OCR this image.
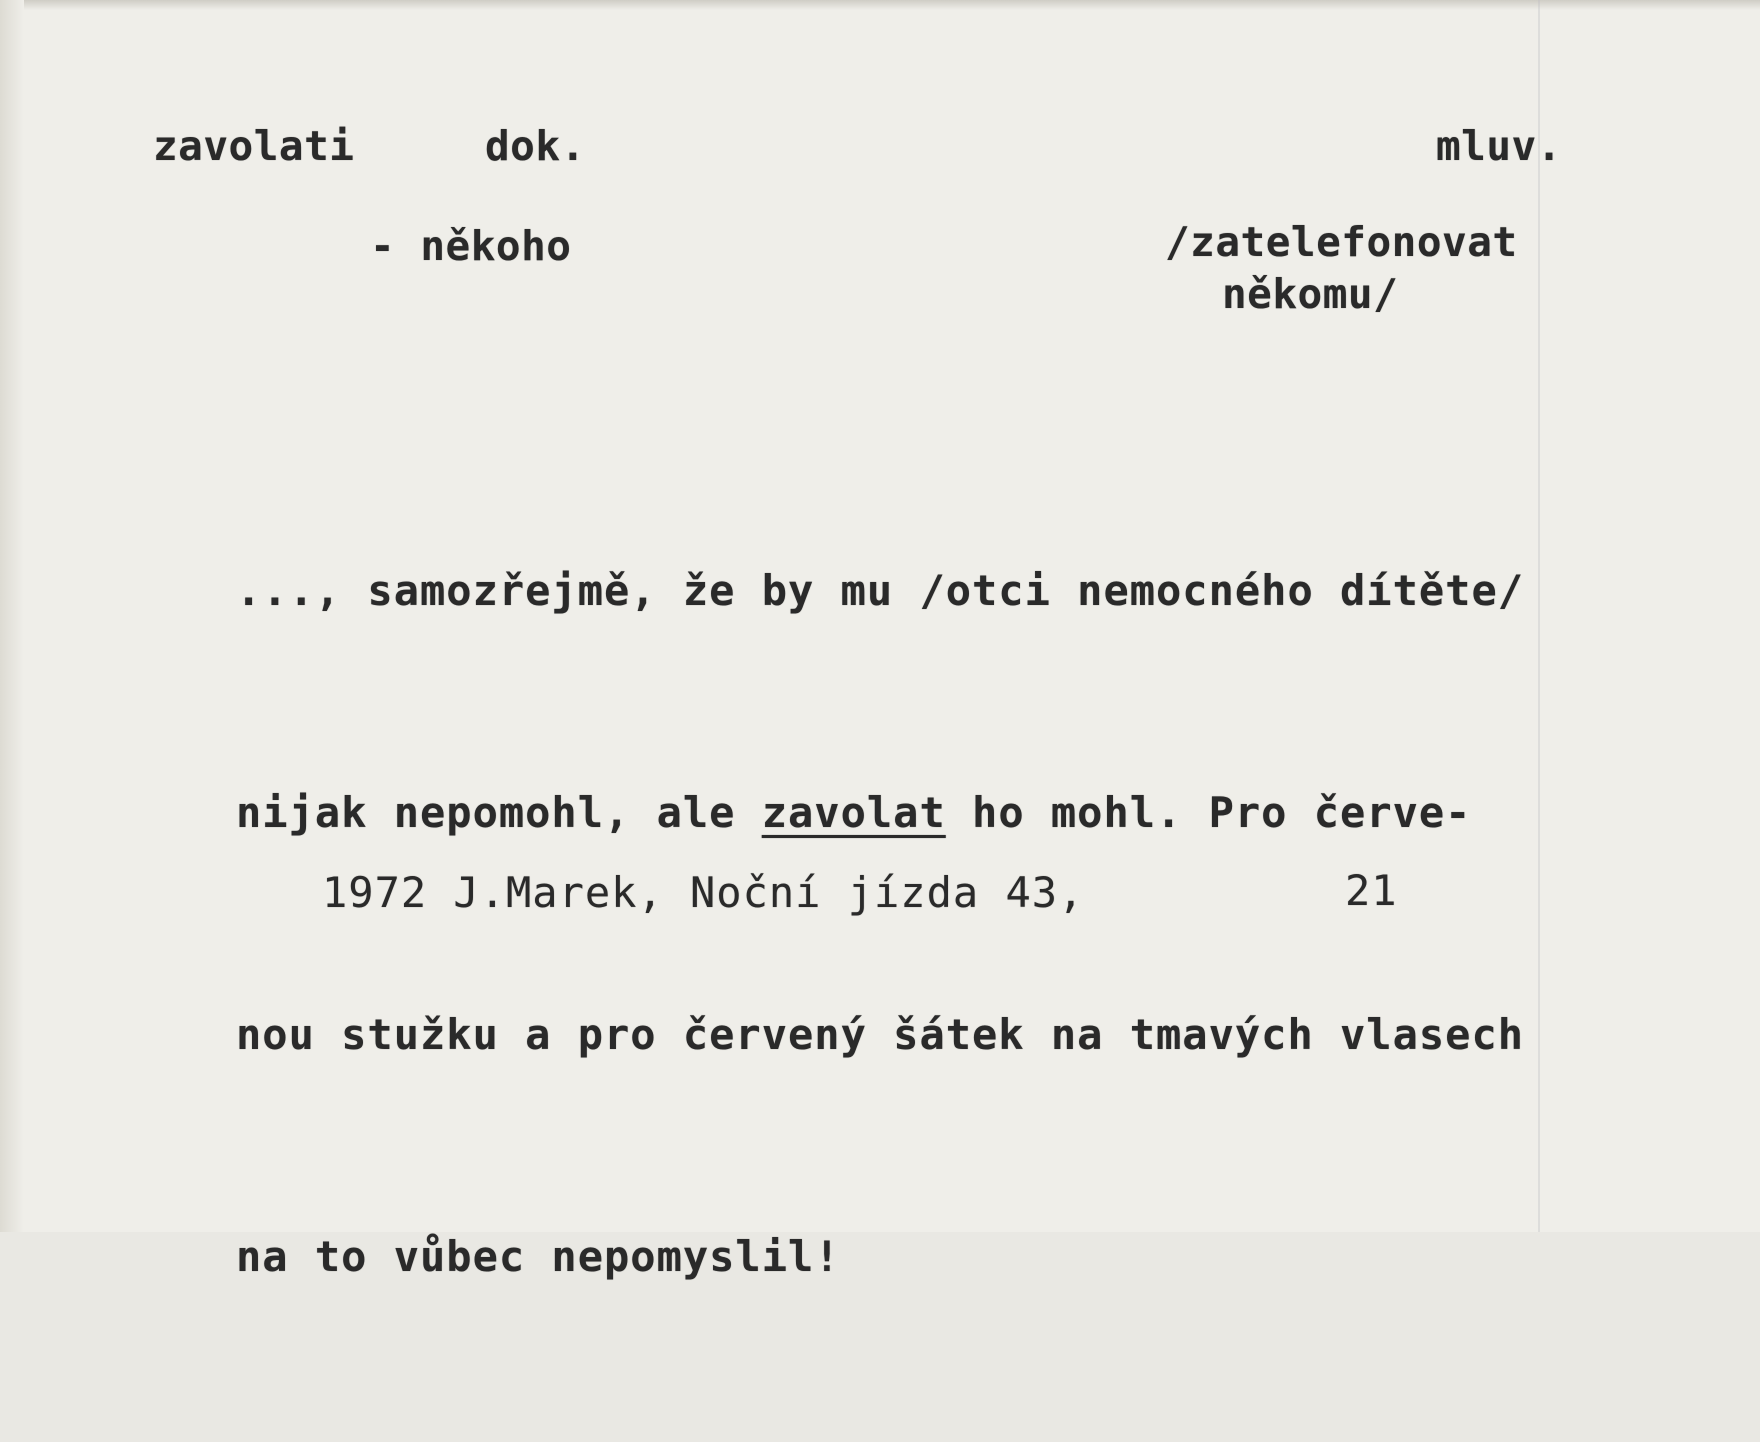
zavolati	dok.	mluv.
- někoho	/zatelefonovat
někomu/

..., samozřejmě, že by mu /otci nemocného dítěte/

nijak nepomohl, ale zavolat ho mohl. Pro červe-

nou stužku a pro červený šátek na tmavých vlasech

na to vůbec nepomyslil!

1972 J.Marek, Noční jízda 43,	21
